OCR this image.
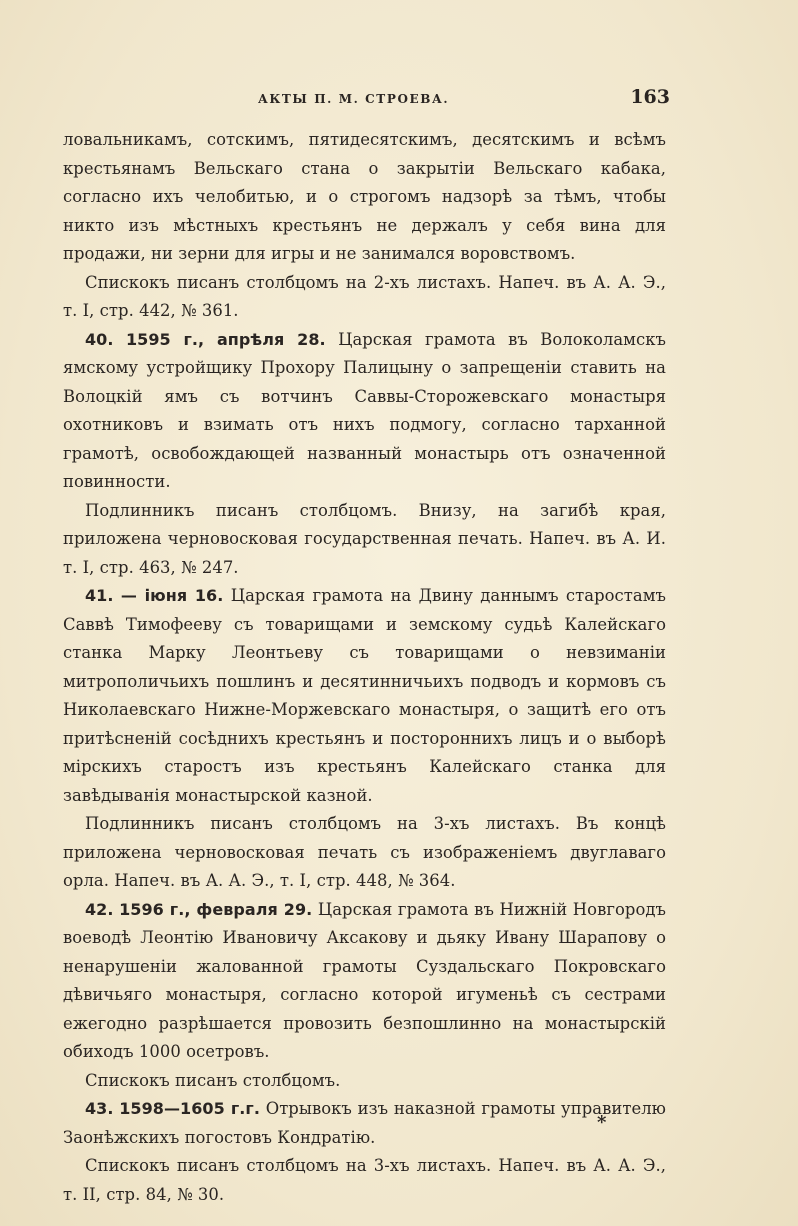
АКТЫ П. М. СТРОЕВА.	163

ловальникамъ, сотскимъ, пятидесятскимъ, десятскимъ и всѣмъ крестьянамъ Вельскаго стана о закрытіи Вельскаго кабака, согласно ихъ челобитью, и о строгомъ надзорѣ за тѣмъ, чтобы никто изъ мѣстныхъ крестьянъ не держалъ у себя вина для продажи, ни зерни для игры и не занимался воровствомъ.

Спискокъ писанъ столбцомъ на 2-хъ листахъ. Напеч. въ А. А. Э., т. I, стр. 442, № 361.

40. 1595 г., апрѣля 28. Царская грамота въ Волоколамскъ ямскому устройщику Прохору Палицыну о запрещеніи ставить на Волоцкій ямъ съ вотчинъ Саввы-Сторожевскаго монастыря охотниковъ и взимать отъ нихъ подмогу, согласно тарханной грамотѣ, освобождающей названный монастырь отъ означенной повинности.

Подлинникъ писанъ столбцомъ. Внизу, на загибѣ края, приложена черновосковая государственная печать. Напеч. въ А. И. т. I, стр. 463, № 247.

41. — іюня 16. Царская грамота на Двину даннымъ старостамъ Саввѣ Тимофееву съ товарищами и земскому судьѣ Калейскаго станка Марку Леонтьеву съ товарищами о невзиманіи митрополичьихъ пошлинъ и десятинничьихъ подводъ и кормовъ съ Николаевскаго Нижне-Моржевскаго монастыря, о защитѣ его отъ притѣсненій сосѣднихъ крестьянъ и постороннихъ лицъ и о выборѣ мірскихъ старостъ изъ крестьянъ Калейскаго станка для завѣдыванія монастырской казной.

Подлинникъ писанъ столбцомъ на 3-хъ листахъ. Въ концѣ приложена черновосковая печать съ изображеніемъ двуглаваго орла. Напеч. въ А. А. Э., т. I, стр. 448, № 364.

42. 1596 г., февраля 29. Царская грамота въ Нижній Новгородъ воеводѣ Леонтію Ивановичу Аксакову и дьяку Ивану Шарапову о ненарушеніи жалованной грамоты Суздальскаго Покровскаго дѣвичьяго монастыря, согласно которой игуменьѣ съ сестрами ежегодно разрѣшается провозить безпошлинно на монастырскій обиходъ 1000 осетровъ.

Спискокъ писанъ столбцомъ.

43. 1598—1605 г.г. Отрывокъ изъ наказной грамоты управителю Заонѣжскихъ погостовъ Кондратію.

Спискокъ писанъ столбцомъ на 3-хъ листахъ. Напеч. въ А. А. Э., т. II, стр. 84, № 30.

*
